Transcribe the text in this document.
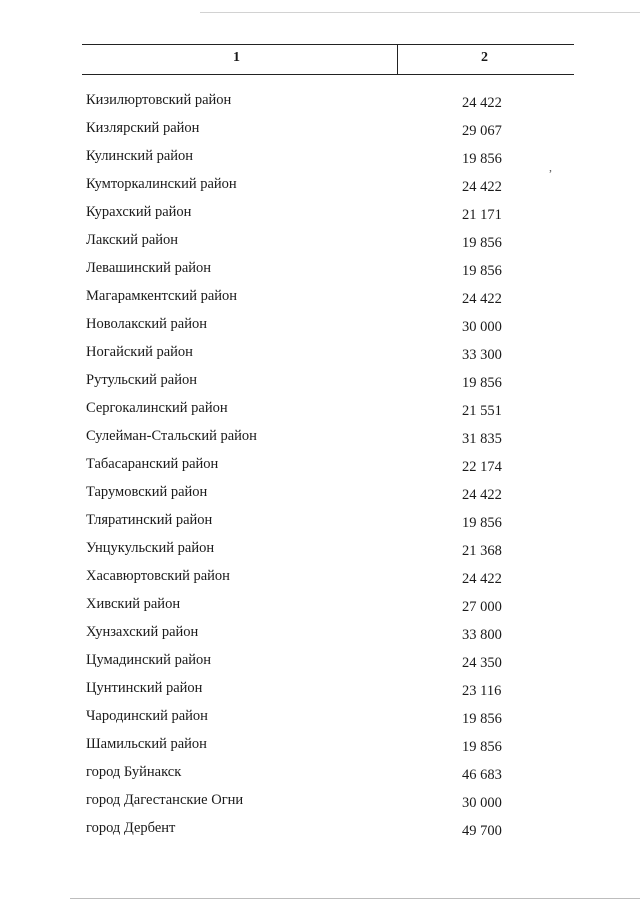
1	2
,
Кизилюртовский район	24 422
Кизлярский район	29 067
Кулинский район	19 856
Кумторкалинский район	24 422
Курахский район	21 171
Лакский район	19 856
Левашинский район	19 856
Магарамкентский район	24 422
Новолакский район	30 000
Ногайский район	33 300
Рутульский район	19 856
Сергокалинский район	21 551
Сулейман-Стальский район	31 835
Табасаранский район	22 174
Тарумовский район	24 422
Тляратинский район	19 856
Унцукульский район	21 368
Хасавюртовский район	24 422
Хивский район	27 000
Хунзахский район	33 800
Цумадинский район	24 350
Цунтинский район	23 116
Чародинский район	19 856
Шамильский район	19 856
город Буйнакск	46 683
город Дагестанские Огни	30 000
город Дербент	49 700
